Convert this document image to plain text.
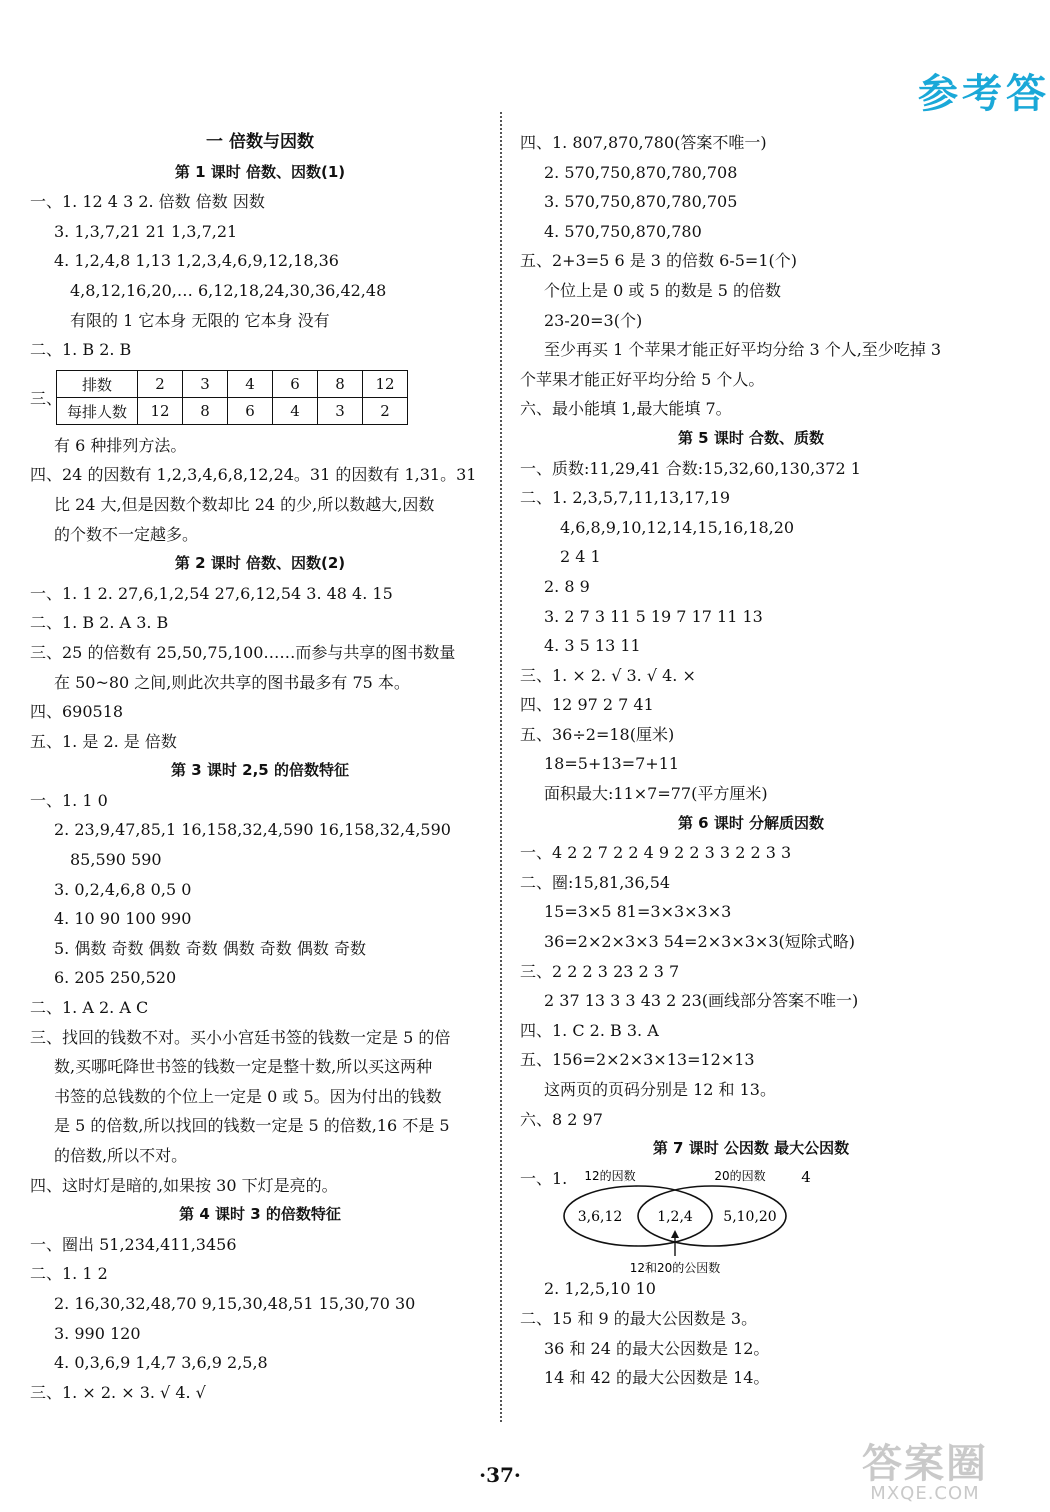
参考答
一 倍数与因数
第 1 课时 倍数、因数(1)
一、1. 12 4 3 2. 倍数 倍数 因数
3. 1,3,7,21 21 1,3,7,21
4. 1,2,4,8 1,13 1,2,3,4,6,9,12,18,36
4,8,12,16,20,… 6,12,18,24,30,36,42,48
有限的 1 它本身 无限的 它本身 没有
二、1. B 2. B
三、
排数	2	3	4	6	8	12
每排人数	12	8	6	4	3	2
有 6 种排列方法。
四、24 的因数有 1,2,3,4,6,8,12,24。31 的因数有 1,31。31
比 24 大,但是因数个数却比 24 的少,所以数越大,因数
的个数不一定越多。
第 2 课时 倍数、因数(2)
一、1. 1 2. 27,6,1,2,54 27,6,12,54 3. 48 4. 15
二、1. B 2. A 3. B
三、25 的倍数有 25,50,75,100……而参与共享的图书数量
在 50~80 之间,则此次共享的图书最多有 75 本。
四、690518
五、1. 是 2. 是 倍数
第 3 课时 2,5 的倍数特征
一、1. 1 0
2. 23,9,47,85,1 16,158,32,4,590 16,158,32,4,590
85,590 590
3. 0,2,4,6,8 0,5 0
4. 10 90 100 990
5. 偶数 奇数 偶数 奇数 偶数 奇数 偶数 奇数
6. 205 250,520
二、1. A 2. A C
三、找回的钱数不对。买小小宫廷书签的钱数一定是 5 的倍
数,买哪吒降世书签的钱数一定是整十数,所以买这两种
书签的总钱数的个位上一定是 0 或 5。因为付出的钱数
是 5 的倍数,所以找回的钱数一定是 5 的倍数,16 不是 5
的倍数,所以不对。
四、这时灯是暗的,如果按 30 下灯是亮的。
第 4 课时 3 的倍数特征
一、圈出 51,234,411,3456
二、1. 1 2
2. 16,30,32,48,70 9,15,30,48,51 15,30,70 30
3. 990 120
4. 0,3,6,9 1,4,7 3,6,9 2,5,8
三、1. × 2. × 3. √ 4. √
四、1. 807,870,780(答案不唯一)
2. 570,750,870,780,708
3. 570,750,870,780,705
4. 570,750,870,780
五、2+3=5 6 是 3 的倍数 6-5=1(个)
个位上是 0 或 5 的数是 5 的倍数
23-20=3(个)
至少再买 1 个苹果才能正好平均分给 3 个人,至少吃掉 3
个苹果才能正好平均分给 5 个人。
六、最小能填 1,最大能填 7。
第 5 课时 合数、质数
一、质数:11,29,41 合数:15,32,60,130,372 1
二、1. 2,3,5,7,11,13,17,19
4,6,8,9,10,12,14,15,16,18,20
2 4 1
2. 8 9
3. 2 7 3 11 5 19 7 17 11 13
4. 3 5 13 11
三、1. × 2. √ 3. √ 4. ×
四、12 97 2 7 41
五、36÷2=18(厘米)
18=5+13=7+11
面积最大:11×7=77(平方厘米)
第 6 课时 分解质因数
一、4 2 2 7 2 2 4 9 2 2 3 3 2 2 3 3
二、圈:15,81,36,54
15=3×5 81=3×3×3×3
36=2×2×3×3 54=2×3×3×3(短除式略)
三、2 2 2 3 23 2 3 7
2 37 13 3 3 43 2 23(画线部分答案不唯一)
四、1. C 2. B 3. A
五、156=2×2×3×13=12×13
这两页的页码分别是 12 和 13。
六、8 2 97
第 7 课时 公因数 最大公因数
一、1.	12的因数	20的因数 4
3,6,12 1,2,4 5,10,20
12和20的公因数
2. 1,2,5,10 10
二、15 和 9 的最大公因数是 3。
36 和 24 的最大公因数是 12。
14 和 42 的最大公因数是 14。
·37·	答案圈
MXQE.COM
